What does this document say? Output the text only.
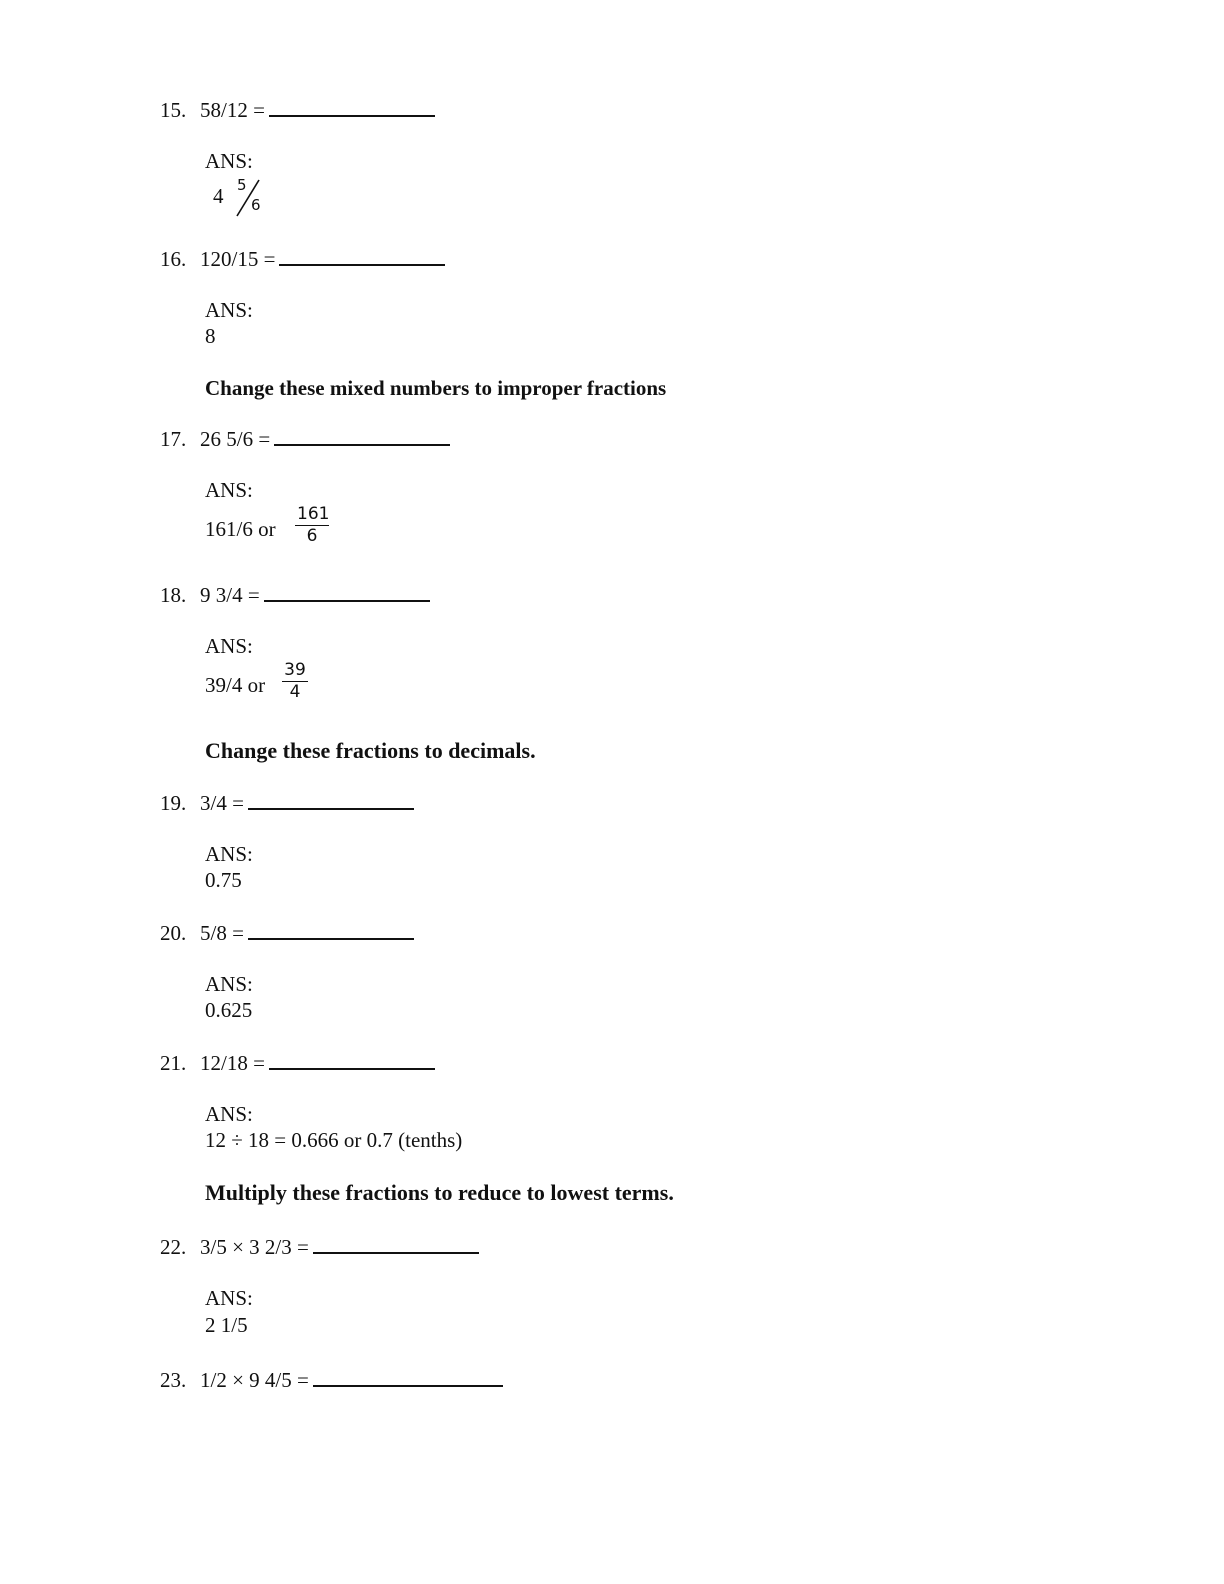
15. 58/12 =
ANS:
4 5
6
16. 120/15 =
ANS:
8
Change these mixed numbers to improper fractions
17. 26 5/6 =
ANS:
161/6 or $\frac{161}{6}$
18. 9 3/4 =
ANS:
39/4 or $\frac{39}{4}$
Change these fractions to decimals.
19. 3/4 =
ANS:
0.75
20. 5/8 =
ANS:
0.625
21. 12/18 =
ANS:
12 ÷ 18 = 0.666 or 0.7 (tenths)
Multiply these fractions to reduce to lowest terms.
22. 3/5 × 3 2/3 =
ANS:
2 1/5
23. 1/2 × 9 4/5 =
